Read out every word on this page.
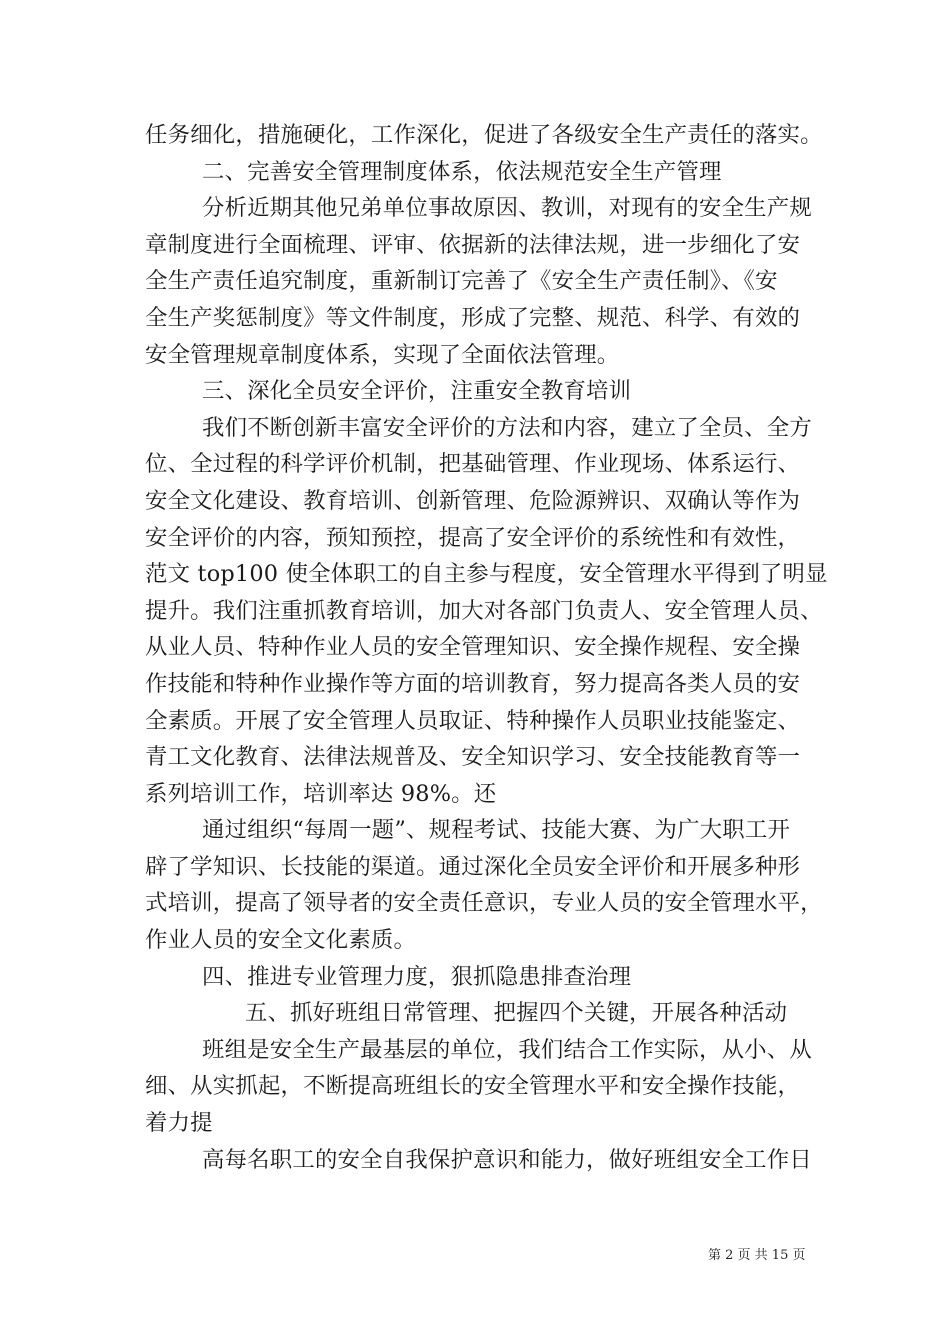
任务细化，措施硬化，工作深化，促进了各级安全生产责任的落实。
二、完善安全管理制度体系，依法规范安全生产管理
分析近期其他兄弟单位事故原因、教训，对现有的安全生产规
章制度进行全面梳理、评审、依据新的法律法规，进一步细化了安
全生产责任追究制度，重新制订完善了《安全生产责任制》、《安
全生产奖惩制度》等文件制度，形成了完整、规范、科学、有效的
安全管理规章制度体系，实现了全面依法管理。
三、深化全员安全评价，注重安全教育培训
我们不断创新丰富安全评价的方法和内容，建立了全员、全方
位、全过程的科学评价机制，把基础管理、作业现场、体系运行、
安全文化建设、教育培训、创新管理、危险源辨识、双确认等作为
安全评价的内容，预知预控，提高了安全评价的系统性和有效性，
范文 top100 使全体职工的自主参与程度，安全管理水平得到了明显
提升。我们注重抓教育培训，加大对各部门负责人、安全管理人员、
从业人员、特种作业人员的安全管理知识、安全操作规程、安全操
作技能和特种作业操作等方面的培训教育，努力提高各类人员的安
全素质。开展了安全管理人员取证、特种操作人员职业技能鉴定、
青工文化教育、法律法规普及、安全知识学习、安全技能教育等一
系列培训工作，培训率达 98%。还
通过组织“每周一题”、规程考试、技能大赛、为广大职工开
辟了学知识、长技能的渠道。通过深化全员安全评价和开展多种形
式培训，提高了领导者的安全责任意识，专业人员的安全管理水平，
作业人员的安全文化素质。
四、推进专业管理力度，狠抓隐患排查治理
五、抓好班组日常管理、把握四个关键，开展各种活动
班组是安全生产最基层的单位，我们结合工作实际，从小、从
细、从实抓起，不断提高班组长的安全管理水平和安全操作技能，
着力提
高每名职工的安全自我保护意识和能力，做好班组安全工作日
第 2 页 共 15 页
